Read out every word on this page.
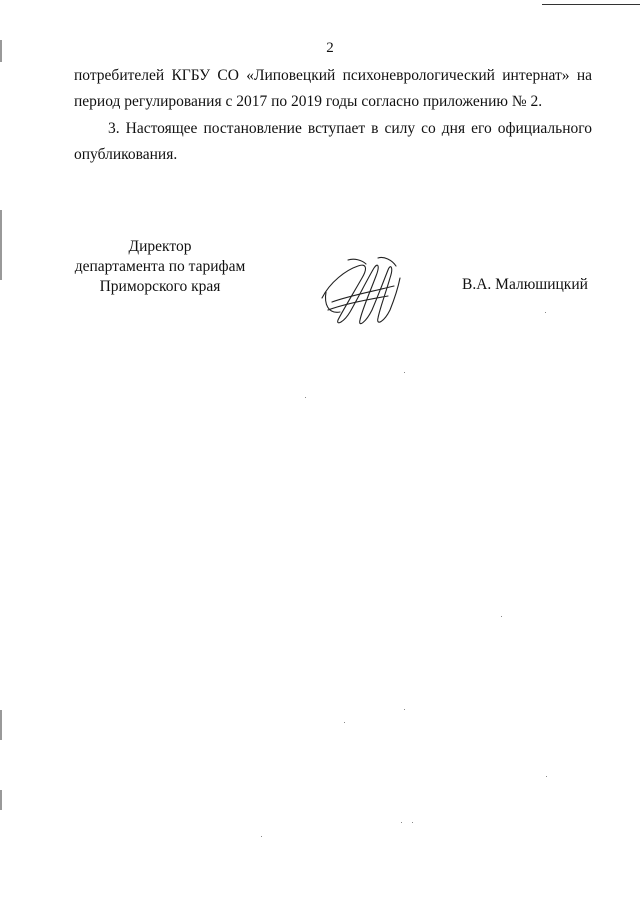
2
потребителей КГБУ СО «Липовецкий психоневрологический интернат» на
период регулирования с 2017 по 2019 годы согласно приложению № 2.
3. Настоящее постановление вступает в силу со дня его официального опубликования.
Директор
департамента по тарифам
Приморского края	В.А. Малюшицкий
